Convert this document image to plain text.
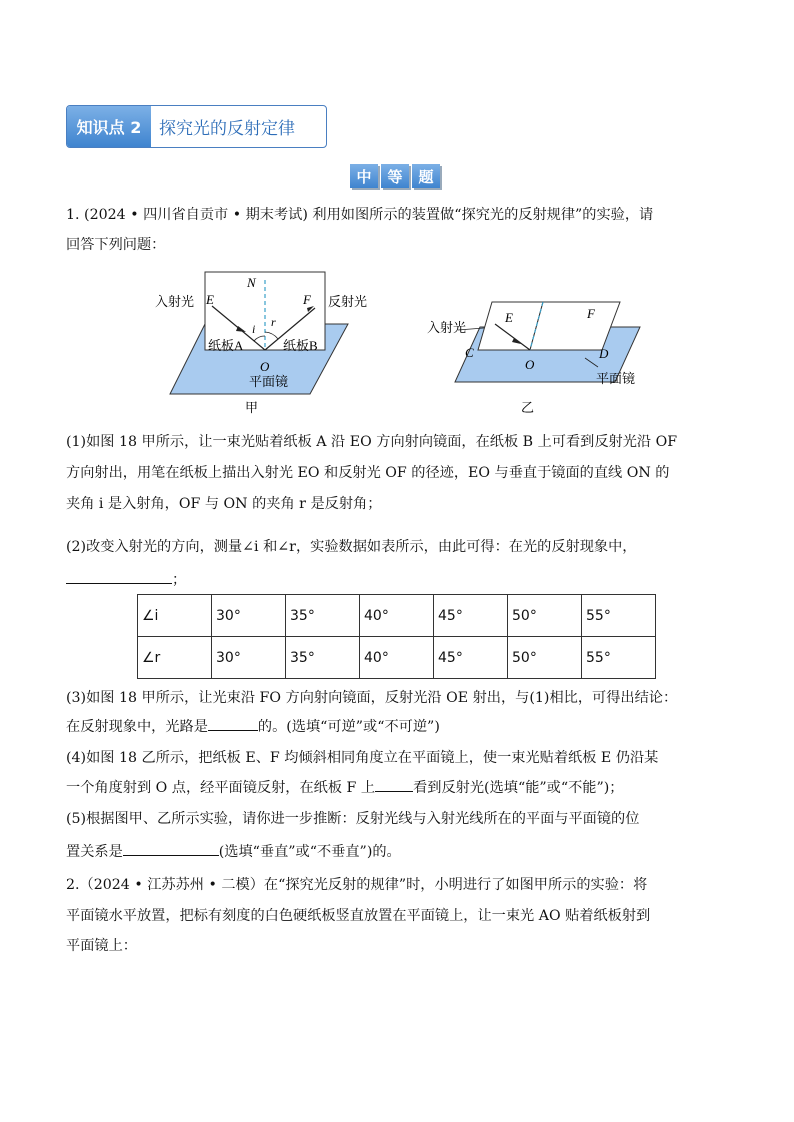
知识点 2	探究光的反射定律
中	等	题
1. (2024 • 四川省自贡市 • 期末考试) 利用如图所示的装置做“探究光的反射规律”的实验，请
回答下列问题：
入射光	反射光
E	F
N
i r
O
纸板A	纸板B
平面镜
甲
入射光
E	F
C	D
O
平面镜
乙
(1)如图 18 甲所示，让一束光贴着纸板 A 沿 EO 方向射向镜面，在纸板 B 上可看到反射光沿 OF
方向射出，用笔在纸板上描出入射光 EO 和反射光 OF 的径迹，EO 与垂直于镜面的直线 ON 的
夹角 i 是入射角，OF 与 ON 的夹角 r 是反射角；
(2)改变入射光的方向，测量∠i 和∠r，实验数据如表所示，由此可得：在光的反射现象中，
；
∠i	30°	35°	40°	45°	50°	55°
∠r	30°	35°	40°	45°	50°	55°
(3)如图 18 甲所示，让光束沿 FO 方向射向镜面，反射光沿 OE 射出，与(1)相比，可得出结论：
在反射现象中，光路是	的。(选填“可逆”或“不可逆”)
(4)如图 18 乙所示，把纸板 E、F 均倾斜相同角度立在平面镜上，使一束光贴着纸板 E 仍沿某
一个角度射到 O 点，经平面镜反射，在纸板 F 上	看到反射光(选填“能”或“不能”)；
(5)根据图甲、乙所示实验，请你进一步推断：反射光线与入射光线所在的平面与平面镜的位
置关系是	(选填“垂直”或“不垂直”)的。
2.（2024 • 江苏苏州 • 二模）在“探究光反射的规律”时，小明进行了如图甲所示的实验：将
平面镜水平放置，把标有刻度的白色硬纸板竖直放置在平面镜上，让一束光 AO 贴着纸板射到
平面镜上：
